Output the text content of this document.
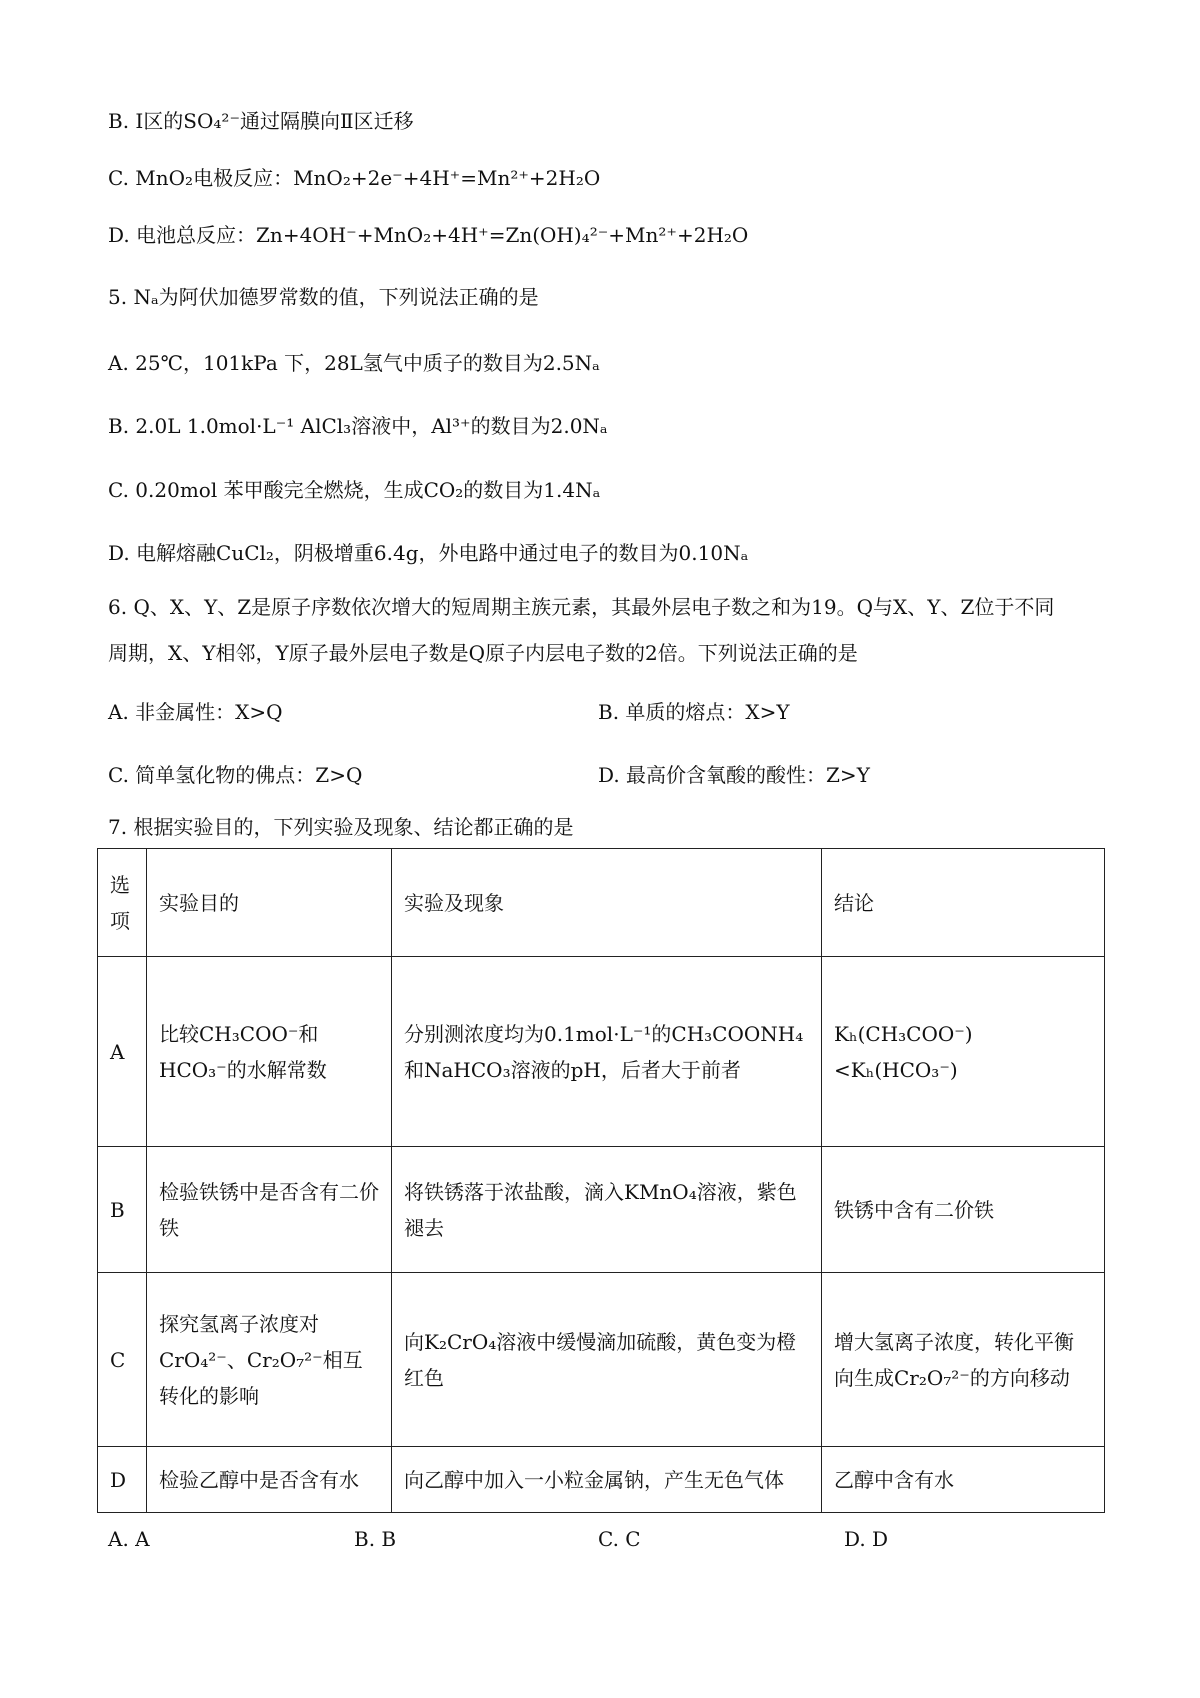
B. Ⅰ区的SO₄²⁻通过隔膜向Ⅱ区迁移
C. MnO₂电极反应：MnO₂+2e⁻+4H⁺=Mn²⁺+2H₂O
D. 电池总反应：Zn+4OH⁻+MnO₂+4H⁺=Zn(OH)₄²⁻+Mn²⁺+2H₂O
5. Nₐ为阿伏加德罗常数的值，下列说法正确的是
A. 25℃，101kPa 下，28L氢气中质子的数目为2.5Nₐ
B. 2.0L 1.0mol·L⁻¹ AlCl₃溶液中，Al³⁺的数目为2.0Nₐ
C. 0.20mol 苯甲酸完全燃烧，生成CO₂的数目为1.4Nₐ
D. 电解熔融CuCl₂，阴极增重6.4g，外电路中通过电子的数目为0.10Nₐ
6. Q、X、Y、Z是原子序数依次增大的短周期主族元素，其最外层电子数之和为19。Q与X、Y、Z位于不同
周期，X、Y相邻，Y原子最外层电子数是Q原子内层电子数的2倍。下列说法正确的是
A. 非金属性：X>Q	B. 单质的熔点：X>Y
C. 简单氢化物的佛点：Z>Q	D. 最高价含氧酸的酸性：Z>Y
7. 根据实验目的，下列实验及现象、结论都正确的是
选项	实验目的	实验及现象	结论
A	比较CH₃COO⁻和HCO₃⁻的水解常数	分别测浓度均为0.1mol·L⁻¹的CH₃COONH₄和NaHCO₃溶液的pH，后者大于前者	Kₕ(CH₃COO⁻)<Kₕ(HCO₃⁻)
B	检验铁锈中是否含有二价铁	将铁锈落于浓盐酸，滴入KMnO₄溶液，紫色褪去	铁锈中含有二价铁
C	探究氢离子浓度对CrO₄²⁻、Cr₂O₇²⁻相互转化的影响	向K₂CrO₄溶液中缓慢滴加硫酸，黄色变为橙红色	增大氢离子浓度，转化平衡向生成Cr₂O₇²⁻的方向移动
D	检验乙醇中是否含有水	向乙醇中加入一小粒金属钠，产生无色气体	乙醇中含有水
A. A	B. B	C. C	D. D
